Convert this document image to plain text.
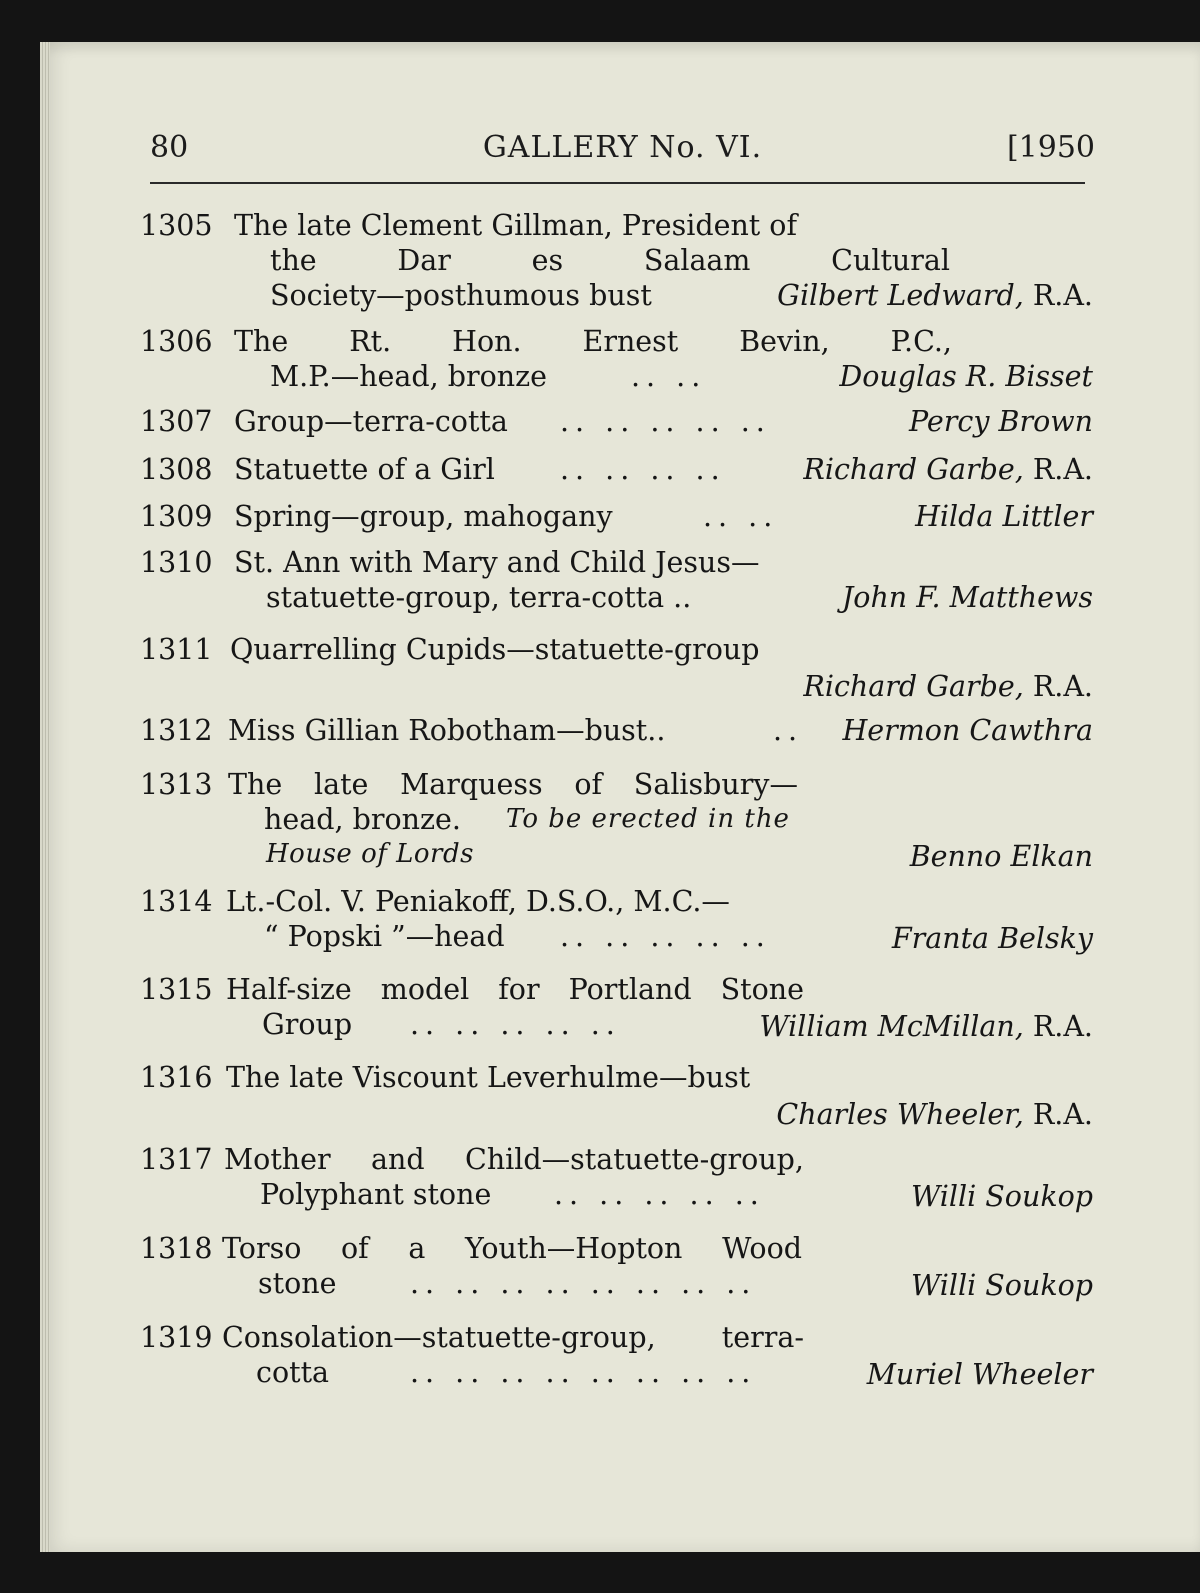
80	GALLERY No. VI.	[1950
1305 The late Clement Gillman, President of
the Dar es Salaam Cultural
Society—posthumous bust	Gilbert Ledward, R.A.
1306 The Rt. Hon. Ernest Bevin, P.C.,
M.P.—head, bronze	.. ..	Douglas R. Bisset
1307 Group—terra-cotta .. .. .. .. ..	Percy Brown
1308 Statuette of a Girl .. .. .. ..	Richard Garbe, R.A.
1309 Spring—group, mahogany	.. ..	Hilda Littler
1310 St. Ann with Mary and Child Jesus—
statuette-group, terra-cotta ..	John F. Matthews
1311 Quarrelling Cupids—statuette-group
Richard Garbe, R.A.
1312 Miss Gillian Robotham—bust..	.. Hermon Cawthra
1313 The late Marquess of Salisbury—
head, bronze. To be erected in the
House of Lords	Benno Elkan
1314 Lt.-Col. V. Peniakoff, D.S.O., M.C.—
“ Popski ”—head .. .. .. .. ..	Franta Belsky
1315 Half-size model for Portland Stone
Group .. .. .. .. ..	William McMillan, R.A.
1316 The late Viscount Leverhulme—bust
Charles Wheeler, R.A.
1317 Mother and Child—statuette-group,
Polyphant stone .. .. .. .. ..	Willi Soukop
1318 Torso of a Youth—Hopton Wood
stone	.. .. .. .. .. .. .. ..	Willi Soukop
1319 Consolation—statuette-group, terra-
cotta	.. .. .. .. .. .. .. ..	Muriel Wheeler
